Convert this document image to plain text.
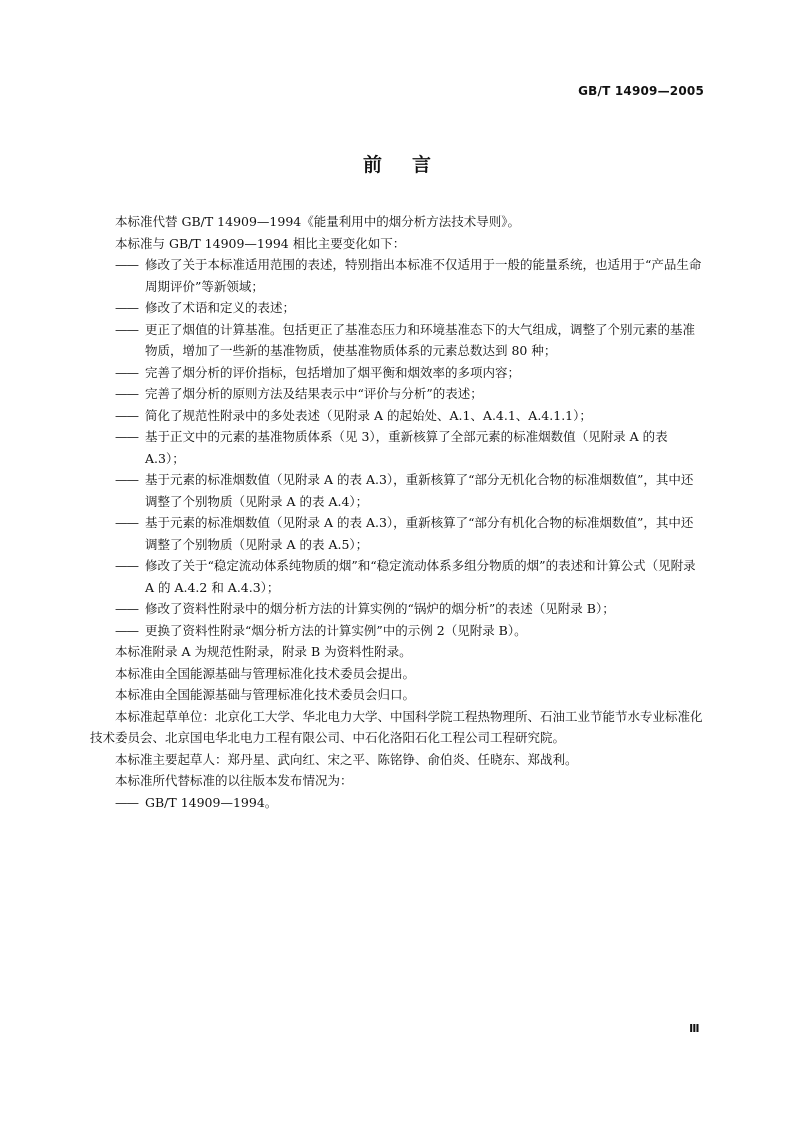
GB/T 14909—2005
前言

本标准代替 GB/T 14909—1994《能量利用中的烟分析方法技术导则》。

本标准与 GB/T 14909—1994 相比主要变化如下：

—— 修改了关于本标准适用范围的表述，特别指出本标准不仅适用于一般的能量系统，也适用于“产品生命周期评价”等新领域；

—— 修改了术语和定义的表述；

—— 更正了烟值的计算基准。包括更正了基准态压力和环境基准态下的大气组成，调整了个别元素的基准物质，增加了一些新的基准物质，使基准物质体系的元素总数达到 80 种；

—— 完善了烟分析的评价指标，包括增加了烟平衡和烟效率的多项内容；

—— 完善了烟分析的原则方法及结果表示中“评价与分析”的表述；

—— 简化了规范性附录中的多处表述（见附录 A 的起始处、A.1、A.4.1、A.4.1.1）；

—— 基于正文中的元素的基准物质体系（见 3），重新核算了全部元素的标准烟数值（见附录 A 的表 A.3）；

—— 基于元素的标准烟数值（见附录 A 的表 A.3），重新核算了“部分无机化合物的标准烟数值”，其中还调整了个别物质（见附录 A 的表 A.4）；

—— 基于元素的标准烟数值（见附录 A 的表 A.3），重新核算了“部分有机化合物的标准烟数值”，其中还调整了个别物质（见附录 A 的表 A.5）；

—— 修改了关于“稳定流动体系纯物质的烟”和“稳定流动体系多组分物质的烟”的表述和计算公式（见附录 A 的 A.4.2 和 A.4.3）；

—— 修改了资料性附录中的烟分析方法的计算实例的“锅炉的烟分析”的表述（见附录 B）；

—— 更换了资料性附录“烟分析方法的计算实例”中的示例 2（见附录 B）。

本标准附录 A 为规范性附录，附录 B 为资料性附录。

本标准由全国能源基础与管理标准化技术委员会提出。

本标准由全国能源基础与管理标准化技术委员会归口。

本标准起草单位：北京化工大学、华北电力大学、中国科学院工程热物理所、石油工业节能节水专业标准化技术委员会、北京国电华北电力工程有限公司、中石化洛阳石化工程公司工程研究院。

本标准主要起草人：郑丹星、武向红、宋之平、陈铭铮、俞伯炎、任晓东、郑战利。

本标准所代替标准的以往版本发布情况为：

—— GB/T 14909—1994。

Ⅲ
